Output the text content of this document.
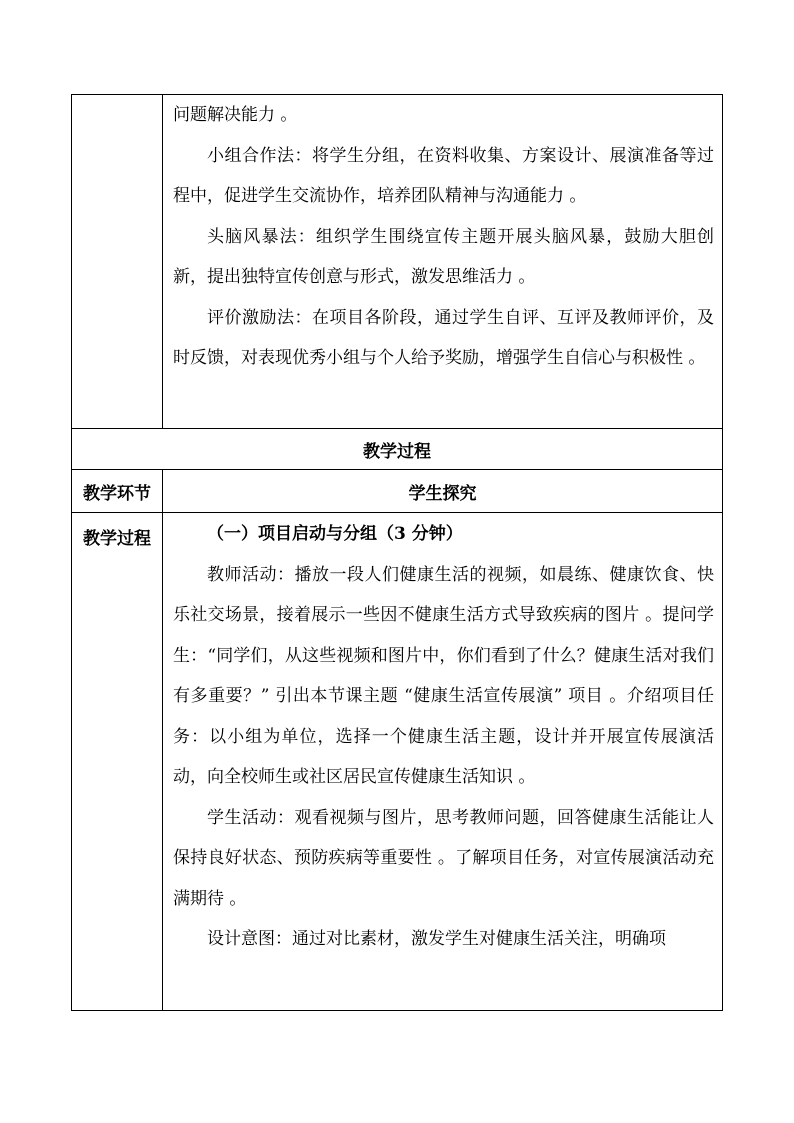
	问题解决能力 。

小组合作法：将学生分组，在资料收集、方案设计、展演准备等过程中，促进学生交流协作，培养团队精神与沟通能力 。

头脑风暴法：组织学生围绕宣传主题开展头脑风暴，鼓励大胆创新，提出独特宣传创意与形式，激发思维活力 。

评价激励法：在项目各阶段，通过学生自评、互评及教师评价，及时反馈，对表现优秀小组与个人给予奖励，增强学生自信心与积极性 。

教学过程	
教学环节	学生探究
教学过程	（一）项目启动与分组（3 分钟）

教师活动：播放一段人们健康生活的视频，如晨练、健康饮食、快乐社交场景，接着展示一些因不健康生活方式导致疾病的图片 。提问学生：“同学们，从这些视频和图片中，你们看到了什么？健康生活对我们有多重要？” 引出本节课主题 “健康生活宣传展演” 项目 。介绍项目任务：以小组为单位，选择一个健康生活主题，设计并开展宣传展演活动，向全校师生或社区居民宣传健康生活知识 。

学生活动：观看视频与图片，思考教师问题，回答健康生活能让人保持良好状态、预防疾病等重要性 。了解项目任务，对宣传展演活动充满期待 。

设计意图：通过对比素材，激发学生对健康生活关注，明确项
